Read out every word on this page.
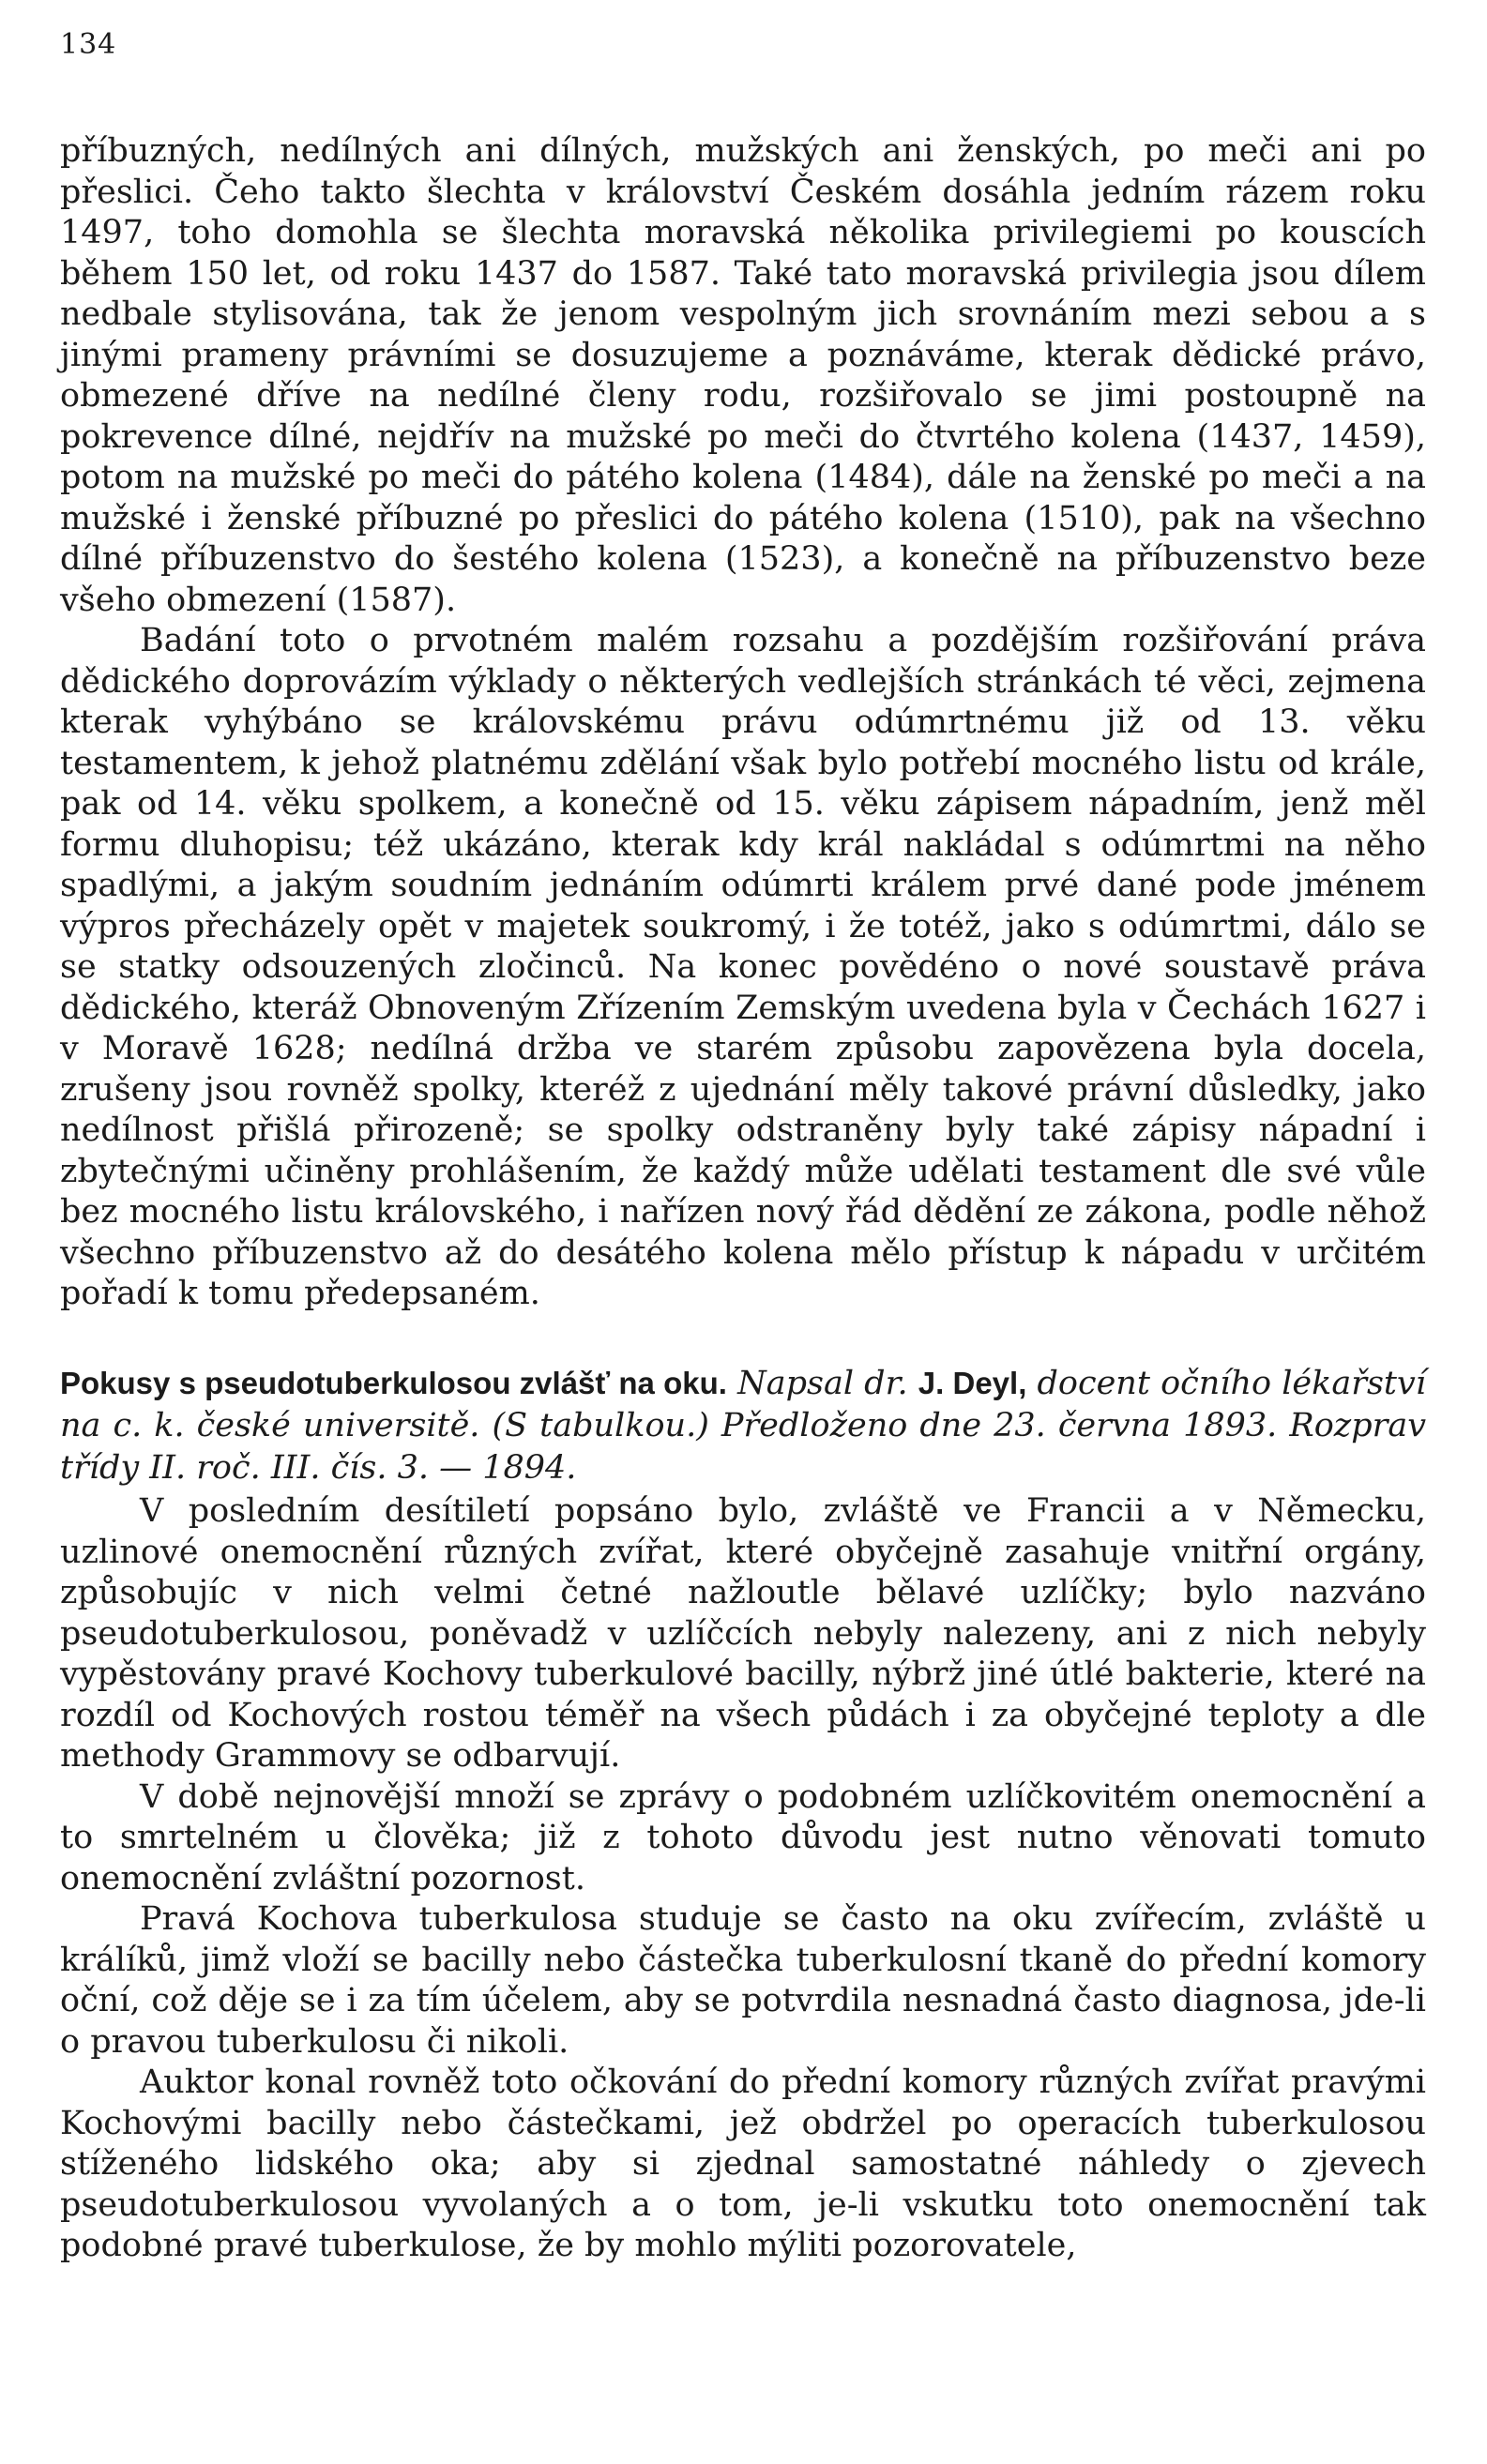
134

příbuzných, nedílných ani dílných, mužských ani ženských, po meči ani po přeslici. Čeho takto šlechta v království Českém dosáhla jedním rázem roku 1497, toho domohla se šlechta moravská několika privilegiemi po kouscích během 150 let, od roku 1437 do 1587. Také tato moravská privilegia jsou dílem nedbale stylisována, tak že jenom vespolným jich srovnáním mezi sebou a s jinými prameny právními se dosuzujeme a poznáváme, kterak dědické právo, obmezené dříve na nedílné členy rodu, rozšiřovalo se jimi postoupně na pokrevence dílné, nejdřív na mužské po meči do čtvrtého kolena (1437, 1459), potom na mužské po meči do pátého kolena (1484), dále na ženské po meči a na mužské i ženské příbuzné po přeslici do pátého kolena (1510), pak na všechno dílné příbuzenstvo do šestého kolena (1523), a konečně na příbuzenstvo beze všeho obmezení (1587).

Badání toto o prvotném malém rozsahu a pozdějším rozšiřování práva dědického doprovázím výklady o některých vedlejších stránkách té věci, zejmena kterak vyhýbáno se královskému právu odúmrtnému již od 13. věku testamentem, k jehož platnému zdělání však bylo potřebí mocného listu od krále, pak od 14. věku spolkem, a konečně od 15. věku zápisem nápadním, jenž měl formu dluhopisu; též ukázáno, kterak kdy král nakládal s odúmrtmi na něho spadlými, a jakým soudním jednáním odúmrti králem prvé dané pode jménem výpros přecházely opět v majetek soukromý, i že totéž, jako s odúmrtmi, dálo se se statky odsouzených zločinců. Na konec povědéno o nové soustavě práva dědického, kteráž Obnoveným Zřízením Zemským uvedena byla v Čechách 1627 i v Moravě 1628; nedílná držba ve starém způsobu zapovězena byla docela, zrušeny jsou rovněž spolky, kteréž z ujednání měly takové právní důsledky, jako nedílnost přišlá přirozeně; se spolky odstraněny byly také zápisy nápadní i zbytečnými učiněny prohlášením, že každý může udělati testament dle své vůle bez mocného listu královského, i nařízen nový řád dědění ze zákona, podle něhož všechno příbuzenstvo až do desátého kolena mělo přístup k nápadu v určitém pořadí k tomu předepsaném.

Pokusy s pseudotuberkulosou zvlášť na oku. Napsal dr. J. Deyl, docent očního lékařství na c. k. české universitě. (S tabulkou.) Předloženo dne 23. června 1893. Rozprav třídy II. roč. III. čís. 3. — 1894.

V posledním desítiletí popsáno bylo, zvláště ve Francii a v Německu, uzlinové onemocnění různých zvířat, které obyčejně zasahuje vnitřní orgány, způsobujíc v nich velmi četné nažloutle bělavé uzlíčky; bylo nazváno pseudotuberkulosou, poněvadž v uzlíčcích nebyly nalezeny, ani z nich nebyly vypěstovány pravé Kochovy tuberkulové bacilly, nýbrž jiné útlé bakterie, které na rozdíl od Kochových rostou téměř na všech půdách i za obyčejné teploty a dle methody Grammovy se odbarvují.

V době nejnovější množí se zprávy o podobném uzlíčkovitém onemocnění a to smrtelném u člověka; již z tohoto důvodu jest nutno věnovati tomuto onemocnění zvláštní pozornost.

Pravá Kochova tuberkulosa studuje se často na oku zvířecím, zvláště u králíků, jimž vloží se bacilly nebo částečka tuberkulosní tkaně do přední komory oční, což děje se i za tím účelem, aby se potvrdila nesnadná často diagnosa, jde-li o pravou tuberkulosu či nikoli.

Auktor konal rovněž toto očkování do přední komory různých zvířat pravými Kochovými bacilly nebo částečkami, jež obdržel po operacích tuberkulosou stíženého lidského oka; aby si zjednal samostatné náhledy o zjevech pseudotuberkulosou vyvolaných a o tom, je-li vskutku toto onemocnění tak podobné pravé tuberkulose, že by mohlo mýliti pozorovatele,
